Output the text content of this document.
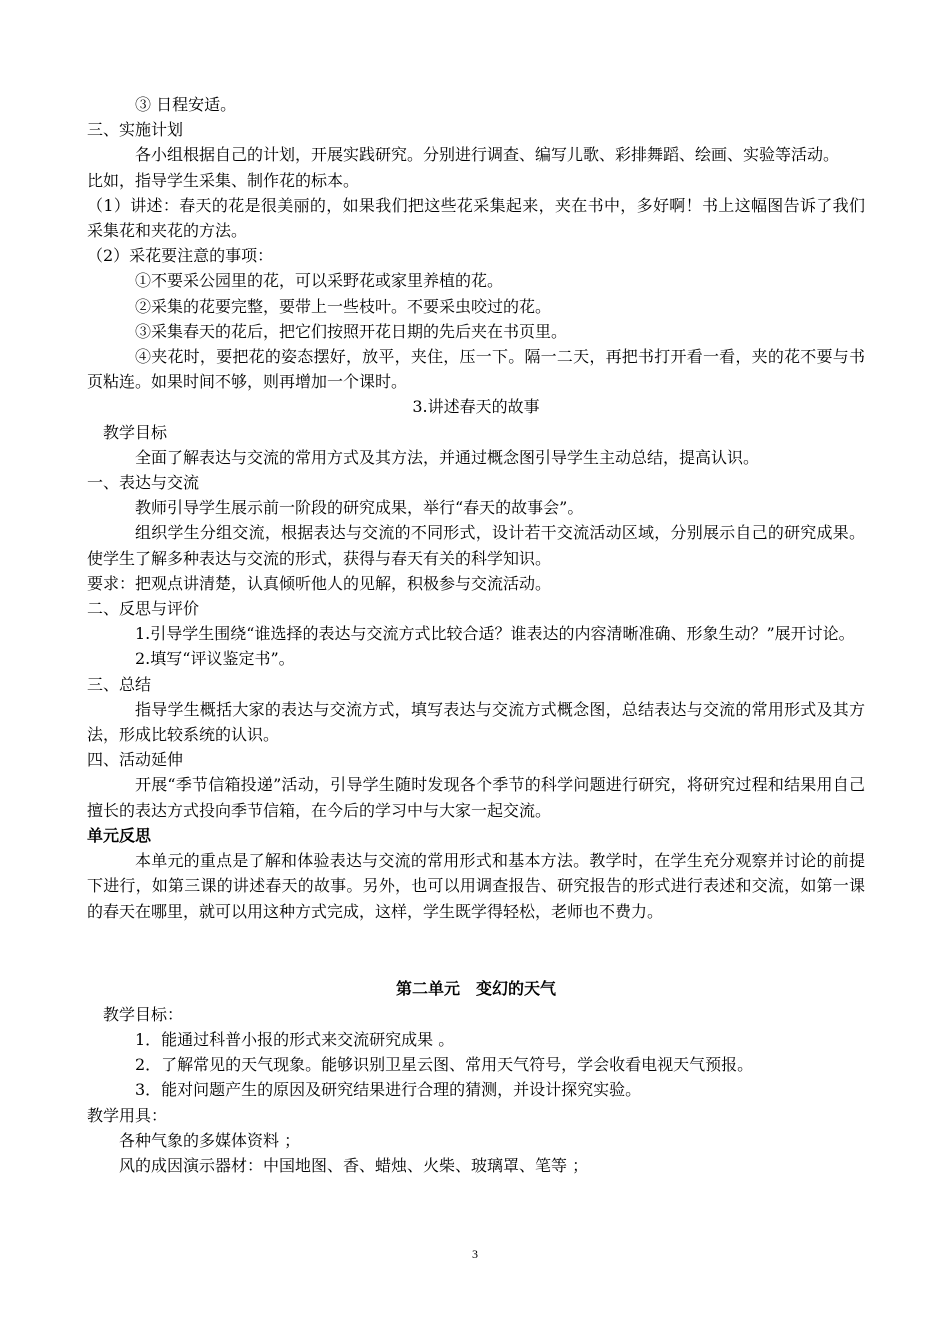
③ 日程安适。

三、实施计划

各小组根据自己的计划，开展实践研究。分别进行调查、编写儿歌、彩排舞蹈、绘画、实验等活动。

比如，指导学生采集、制作花的标本。

（1）讲述：春天的花是很美丽的，如果我们把这些花采集起来，夹在书中，多好啊！书上这幅图告诉了我们采集花和夹花的方法。

（2）采花要注意的事项：

①不要采公园里的花，可以采野花或家里养植的花。

②采集的花要完整，要带上一些枝叶。不要采虫咬过的花。

③采集春天的花后，把它们按照开花日期的先后夹在书页里。

④夹花时，要把花的姿态摆好，放平，夹住，压一下。隔一二天，再把书打开看一看，夹的花不要与书页粘连。如果时间不够，则再增加一个课时。

3.讲述春天的故事

教学目标

全面了解表达与交流的常用方式及其方法，并通过概念图引导学生主动总结，提高认识。

一、表达与交流

教师引导学生展示前一阶段的研究成果，举行“春天的故事会”。

组织学生分组交流，根据表达与交流的不同形式，设计若干交流活动区域，分别展示自己的研究成果。使学生了解多种表达与交流的形式，获得与春天有关的科学知识。

要求：把观点讲清楚，认真倾听他人的见解，积极参与交流活动。

二、反思与评价

1.引导学生围绕“谁选择的表达与交流方式比较合适？谁表达的内容清晰准确、形象生动？”展开讨论。

2.填写“评议鉴定书”。

三、总结

指导学生概括大家的表达与交流方式，填写表达与交流方式概念图，总结表达与交流的常用形式及其方法，形成比较系统的认识。

四、活动延伸

开展“季节信箱投递”活动，引导学生随时发现各个季节的科学问题进行研究，将研究过程和结果用自己擅长的表达方式投向季节信箱，在今后的学习中与大家一起交流。

单元反思

本单元的重点是了解和体验表达与交流的常用形式和基本方法。教学时，在学生充分观察并讨论的前提下进行，如第三课的讲述春天的故事。另外，也可以用调查报告、研究报告的形式进行表述和交流，如第一课的春天在哪里，就可以用这种方式完成，这样，学生既学得轻松，老师也不费力。

第二单元　变幻的天气

教学目标：

1．能通过科普小报的形式来交流研究成果 。

2．了解常见的天气现象。能够识别卫星云图、常用天气符号，学会收看电视天气预报。

3．能对问题产生的原因及研究结果进行合理的猜测，并设计探究实验。

教学用具：

各种气象的多媒体资料 ；

风的成因演示器材：中国地图、香、蜡烛、火柴、玻璃罩、笔等 ；

3
